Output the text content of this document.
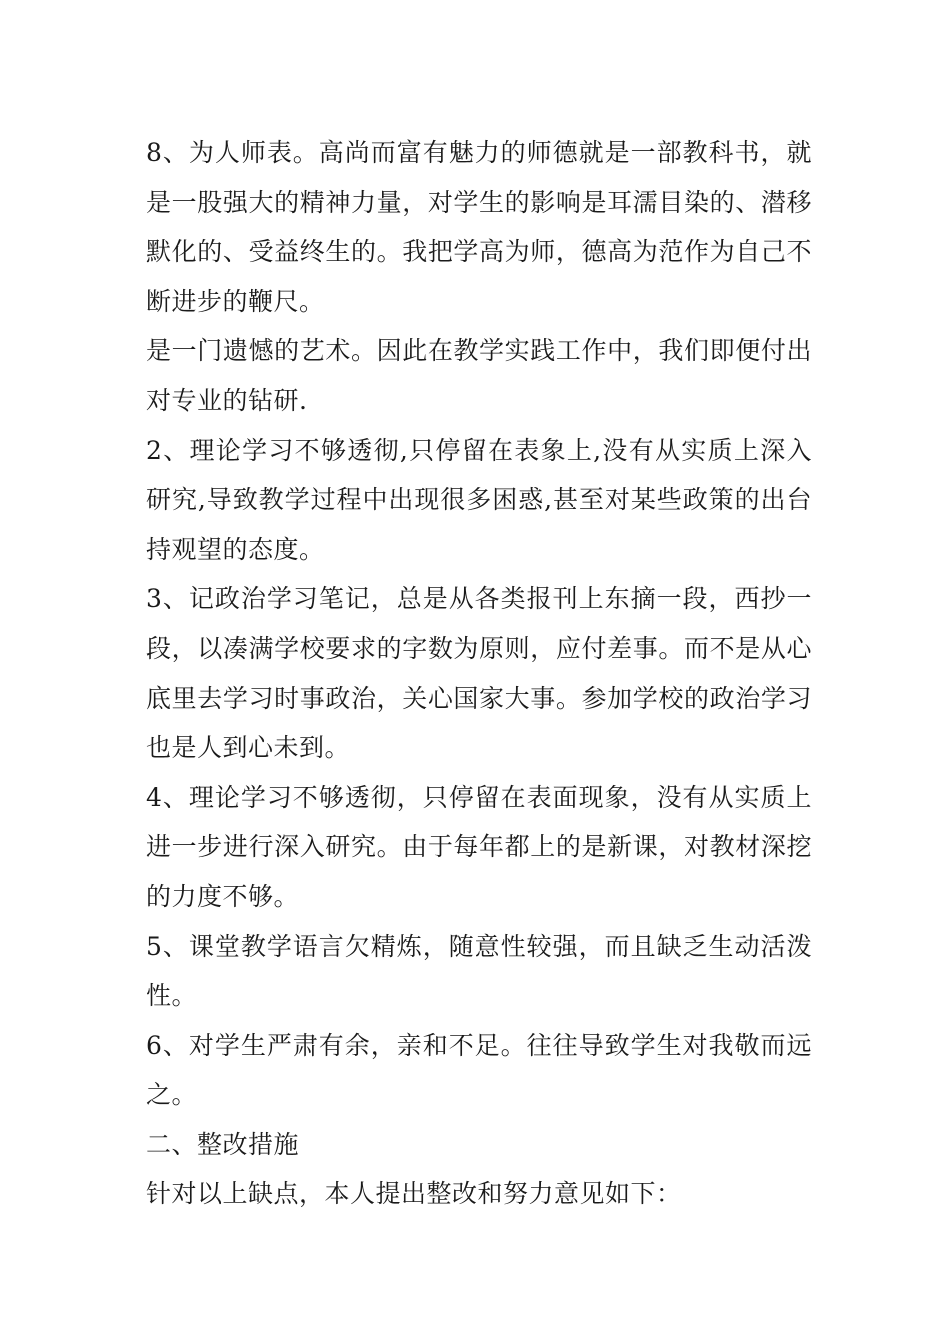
8、为人师表。高尚而富有魅力的师德就是一部教科书，就是一股强大的精神力量，对学生的影响是耳濡目染的、潜移默化的、受益终生的。我把学高为师，德高为范作为自己不断进步的鞭尺。

是一门遗憾的艺术。因此在教学实践工作中，我们即便付出对专业的钻研.

2、理论学习不够透彻,只停留在表象上,没有从实质上深入研究,导致教学过程中出现很多困惑,甚至对某些政策的出台持观望的态度。

3、记政治学习笔记，总是从各类报刊上东摘一段，西抄一段，以凑满学校要求的字数为原则，应付差事。而不是从心底里去学习时事政治，关心国家大事。参加学校的政治学习也是人到心未到。

4、理论学习不够透彻，只停留在表面现象，没有从实质上进一步进行深入研究。由于每年都上的是新课，对教材深挖的力度不够。

5、课堂教学语言欠精炼，随意性较强，而且缺乏生动活泼性。

6、对学生严肃有余，亲和不足。往往导致学生对我敬而远之。

二、整改措施

针对以上缺点，本人提出整改和努力意见如下：
